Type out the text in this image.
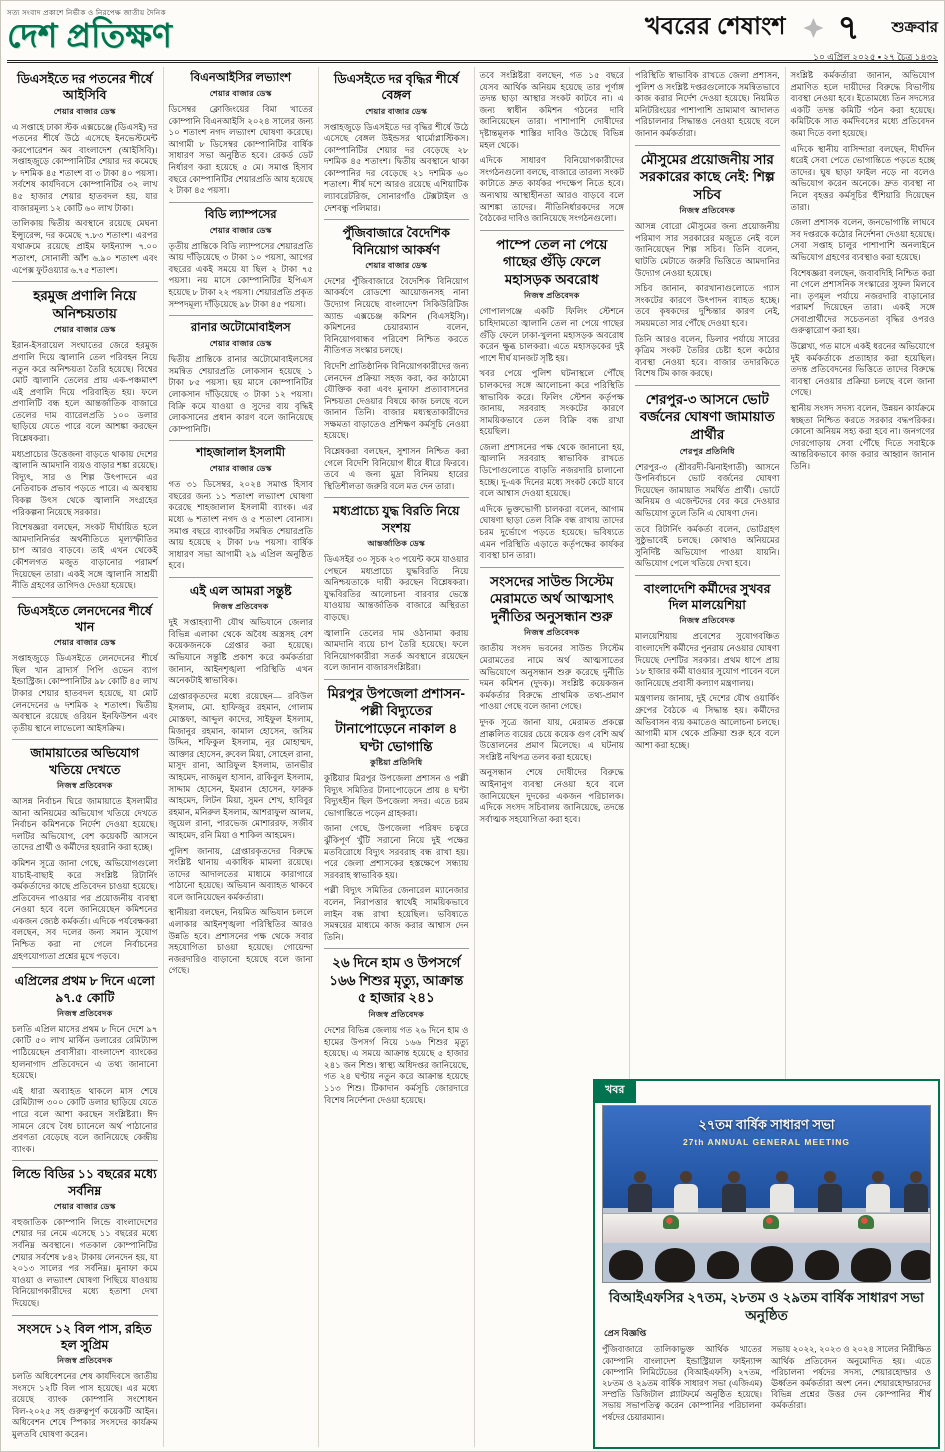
সত্য সংবাদ প্রকাশে নির্ভীক ও নিরপেক্ষ জাতীয় দৈনিক
দেশ প্রতিক্ষণ	খবরের শেষাংশ ৭ শুক্রবার
১০ এপ্রিল ২০২৫ ▪ ২৭ চৈত্র ১৪৩২
ডিএসইতে দর পতনের শীর্ষে আইসিবি
শেয়ার বাজার ডেস্ক

এ সপ্তাহে ঢাকা স্টক এক্সচেঞ্জে (ডিএসই) দর পতনের শীর্ষে উঠে এসেছে ইনভেস্টমেন্ট করপোরেশন অব বাংলাদেশ (আইসিবি)। সপ্তাহজুড়ে কোম্পানিটির শেয়ার দর কমেছে ৮ দশমিক ৪৫ শতাংশ বা ৩ টাকা ৪০ পয়সা। সর্বশেষ কার্যদিবসে কোম্পানিটির ৩২ লাখ ৪৫ হাজার শেয়ার হাতবদল হয়, যার বাজারমূল্য ১২ কোটি ৬০ লাখ টাকা।

তালিকায় দ্বিতীয় অবস্থানে রয়েছে মেঘনা ইন্স্যুরেন্স, দর কমেছে ৭.৮৩ শতাংশ। এরপর যথাক্রমে রয়েছে প্রাইম ফাইন্যান্স ৭.০০ শতাংশ, সোনালী আঁশ ৬.৯০ শতাংশ এবং এপেক্স ফুটওয়্যার ৬.৭৫ শতাংশ।

হরমুজ প্রণালি নিয়ে অনিশ্চয়তায়
শেয়ার বাজার ডেস্ক

ইরান-ইসরায়েল সংঘাতের জেরে হরমুজ প্রণালি দিয়ে জ্বালানি তেল পরিবহন নিয়ে নতুন করে অনিশ্চয়তা তৈরি হয়েছে। বিশ্বের মোট জ্বালানি তেলের প্রায় এক-পঞ্চমাংশ এই প্রণালি দিয়ে পরিবাহিত হয়। ফলে প্রণালিটি বন্ধ হলে আন্তর্জাতিক বাজারে তেলের দাম ব্যারেলপ্রতি ১০০ ডলার ছাড়িয়ে যেতে পারে বলে আশঙ্কা করছেন বিশ্লেষকরা।

মধ্যপ্রাচ্যের উত্তেজনা বাড়তে থাকায় দেশের জ্বালানি আমদানি ব্যয়ও বাড়ার শঙ্কা রয়েছে। বিদ্যুৎ, সার ও শিল্প উৎপাদনে এর নেতিবাচক প্রভাব পড়তে পারে। এ অবস্থায় বিকল্প উৎস থেকে জ্বালানি সংগ্রহের পরিকল্পনা নিয়েছে সরকার।

বিশেষজ্ঞরা বলছেন, সংকট দীর্ঘায়িত হলে আমদানিনির্ভর অর্থনীতিতে মূল্যস্ফীতির চাপ আরও বাড়বে। তাই এখন থেকেই কৌশলগত মজুত বাড়ানোর পরামর্শ দিয়েছেন তারা। একই সঙ্গে জ্বালানি সাশ্রয়ী নীতি গ্রহণের তাগিদও দেওয়া হয়েছে।

ডিএসইতে লেনদেনের শীর্ষে খান
শেয়ার বাজার ডেস্ক

সপ্তাহজুড়ে ডিএসইতে লেনদেনের শীর্ষে ছিল খান ব্রাদার্স পিপি ওভেন ব্যাগ ইন্ডাস্ট্রিজ। কোম্পানিটির ৯৮ কোটি ৪৫ লাখ টাকার শেয়ার হাতবদল হয়েছে, যা মোট লেনদেনের ৬ দশমিক ২ শতাংশ। দ্বিতীয় অবস্থানে রয়েছে ওরিয়ন ইনফিউশন এবং তৃতীয় স্থানে লাভেলো আইসক্রিম।

জামায়াতের অভিযোগ খতিয়ে দেখতে
নিজস্ব প্রতিবেদক

আসন্ন নির্বাচন ঘিরে জামায়াতে ইসলামীর আনা অনিয়মের অভিযোগ খতিয়ে দেখতে নির্বাচন কমিশনকে নির্দেশ দেওয়া হয়েছে। দলটির অভিযোগ, বেশ কয়েকটি আসনে তাদের প্রার্থী ও কর্মীদের হয়রানি করা হচ্ছে।

কমিশন সূত্রে জানা গেছে, অভিযোগগুলো যাচাই-বাছাই করে সংশ্লিষ্ট রিটার্নিং কর্মকর্তাদের কাছে প্রতিবেদন চাওয়া হয়েছে। প্রতিবেদন পাওয়ার পর প্রয়োজনীয় ব্যবস্থা নেওয়া হবে বলে জানিয়েছেন কমিশনের একজন জ্যেষ্ঠ কর্মকর্তা। এদিকে পর্যবেক্ষকরা বলছেন, সব দলের জন্য সমান সুযোগ নিশ্চিত করা না গেলে নির্বাচনের গ্রহণযোগ্যতা প্রশ্নের মুখে পড়বে।

এপ্রিলের প্রথম ৮ দিনে এলো ৯৭.৫ কোটি
নিজস্ব প্রতিবেদক

চলতি এপ্রিল মাসের প্রথম ৮ দিনে দেশে ৯৭ কোটি ৫০ লাখ মার্কিন ডলারের রেমিট্যান্স পাঠিয়েছেন প্রবাসীরা। বাংলাদেশ ব্যাংকের হালনাগাদ প্রতিবেদনে এ তথ্য জানানো হয়েছে।

এই ধারা অব্যাহত থাকলে মাস শেষে রেমিট্যান্স ৩০০ কোটি ডলার ছাড়িয়ে যেতে পারে বলে আশা করছেন সংশ্লিষ্টরা। ঈদ সামনে রেখে বৈধ চ্যানেলে অর্থ পাঠানোর প্রবণতা বেড়েছে বলে জানিয়েছে কেন্দ্রীয় ব্যাংক।

লিন্ডে বিডির ১১ বছরের মধ্যে সর্বনিম্ন
শেয়ার বাজার ডেস্ক

বহুজাতিক কোম্পানি লিন্ডে বাংলাদেশের শেয়ার দর নেমে এসেছে ১১ বছরের মধ্যে সর্বনিম্ন অবস্থানে। গতকাল কোম্পানিটির শেয়ার সর্বশেষ ৮৪২ টাকায় লেনদেন হয়, যা ২০১৩ সালের পর সর্বনিম্ন। মুনাফা কমে যাওয়া ও লভ্যাংশ ঘোষণা পিছিয়ে যাওয়ায় বিনিয়োগকারীদের মধ্যে হতাশা দেখা দিয়েছে।

সংসদে ১২ বিল পাস, রহিত হল সুপ্রিম
নিজস্ব প্রতিবেদক

চলতি অধিবেশনের শেষ কার্যদিবসে জাতীয় সংসদে ১২টি বিল পাস হয়েছে। এর মধ্যে রয়েছে ব্যাংক কোম্পানি সংশোধন বিল-২০২৫ সহ গুরুত্বপূর্ণ কয়েকটি আইন। অধিবেশন শেষে স্পিকার সংসদের কার্যক্রম মুলতবি ঘোষণা করেন।

বিএনআইসির লভ্যাংশ
শেয়ার বাজার ডেস্ক

ডিসেম্বর ক্লোজিংয়ের বিমা খাতের কোম্পানি বিএনআইসি ২০২৪ সালের জন্য ১০ শতাংশ নগদ লভ্যাংশ ঘোষণা করেছে। আগামী ৮ ডিসেম্বর কোম্পানিটির বার্ষিক সাধারণ সভা অনুষ্ঠিত হবে। রেকর্ড ডেট নির্ধারণ করা হয়েছে ৫ মে। সমাপ্ত হিসাব বছরে কোম্পানিটির শেয়ারপ্রতি আয় হয়েছে ২ টাকা ৪৫ পয়সা।

বিডি ল্যাম্পসের
শেয়ার বাজার ডেস্ক

তৃতীয় প্রান্তিকে বিডি ল্যাম্পসের শেয়ারপ্রতি আয় দাঁড়িয়েছে ৩ টাকা ১০ পয়সা, আগের বছরের একই সময়ে যা ছিল ২ টাকা ৭৫ পয়সা। নয় মাসে কোম্পানিটির ইপিএস হয়েছে ৮ টাকা ২২ পয়সা। শেয়ারপ্রতি প্রকৃত সম্পদমূল্য দাঁড়িয়েছে ৯৮ টাকা ৪৫ পয়সা।

রানার অটোমোবাইলস
শেয়ার বাজার ডেস্ক

দ্বিতীয় প্রান্তিকে রানার অটোমোবাইলসের সমন্বিত শেয়ারপ্রতি লোকসান হয়েছে ১ টাকা ৮৫ পয়সা। ছয় মাসে কোম্পানিটির লোকসান দাঁড়িয়েছে ৩ টাকা ১২ পয়সা। বিক্রি কমে যাওয়া ও সুদের ব্যয় বৃদ্ধিই লোকসানের প্রধান কারণ বলে জানিয়েছে কোম্পানিটি।

শাহজালাল ইসলামী
শেয়ার বাজার ডেস্ক

গত ৩১ ডিসেম্বর, ২০২৪ সমাপ্ত হিসাব বছরের জন্য ১১ শতাংশ লভ্যাংশ ঘোষণা করেছে শাহজালাল ইসলামী ব্যাংক। এর মধ্যে ৬ শতাংশ নগদ ও ৫ শতাংশ বোনাস। সমাপ্ত বছরে ব্যাংকটির সমন্বিত শেয়ারপ্রতি আয় হয়েছে ২ টাকা ৮৬ পয়সা। বার্ষিক সাধারণ সভা আগামী ২৯ এপ্রিল অনুষ্ঠিত হবে।

এই এল আমরা সন্তুষ্ট
নিজস্ব প্রতিবেদক

দুই সপ্তাহব্যাপী যৌথ অভিযানে জেলার বিভিন্ন এলাকা থেকে অবৈধ অস্ত্রসহ বেশ কয়েকজনকে গ্রেপ্তার করা হয়েছে। অভিযানে সন্তুষ্টি প্রকাশ করে কর্মকর্তারা জানান, আইনশৃঙ্খলা পরিস্থিতি এখন অনেকটাই স্বাভাবিক।

গ্রেপ্তারকৃতদের মধ্যে রয়েছেন— রবিউল ইসলাম, মো. হাফিজুর রহমান, গোলাম মোস্তফা, আব্দুল কাদের, সাইফুল ইসলাম, মিজানুর রহমান, কামাল হোসেন, জসিম উদ্দিন, শফিকুল ইসলাম, নূর মোহাম্মদ, আক্তার হোসেন, রুবেল মিয়া, সোহেল রানা, মাসুদ রানা, আরিফুল ইসলাম, তানভীর আহমেদ, নাজমুল হাসান, রাকিবুল ইসলাম, সাদ্দাম হোসেন, ইমরান হোসেন, ফারুক আহমেদ, লিটন মিয়া, সুমন শেখ, হাবিবুর রহমান, মনিরুল ইসলাম, আশরাফুল আলম, জুয়েল রানা, পারভেজ মোশাররফ, সজীব আহমেদ, রনি মিয়া ও শাকিল আহমেদ।

পুলিশ জানায়, গ্রেপ্তারকৃতদের বিরুদ্ধে সংশ্লিষ্ট থানায় একাধিক মামলা রয়েছে। তাদের আদালতের মাধ্যমে কারাগারে পাঠানো হয়েছে। অভিযান অব্যাহত থাকবে বলে জানিয়েছেন কর্মকর্তারা।

স্থানীয়রা বলছেন, নিয়মিত অভিযান চললে এলাকার আইনশৃঙ্খলা পরিস্থিতির আরও উন্নতি হবে। প্রশাসনের পক্ষ থেকে সবার সহযোগিতা চাওয়া হয়েছে। গোয়েন্দা নজরদারিও বাড়ানো হয়েছে বলে জানা গেছে।

ডিএসইতে দর বৃদ্ধির শীর্ষে বেঙ্গল
শেয়ার বাজার ডেস্ক

সপ্তাহজুড়ে ডিএসইতে দর বৃদ্ধির শীর্ষে উঠে এসেছে বেঙ্গল উইন্ডসর থার্মোপ্লাস্টিকস। কোম্পানিটির শেয়ার দর বেড়েছে ২৮ দশমিক ৪৫ শতাংশ। দ্বিতীয় অবস্থানে থাকা কোম্পানির দর বেড়েছে ২১ দশমিক ৬০ শতাংশ। শীর্ষ দশে আরও রয়েছে এশিয়াটিক ল্যাবরেটরিজ, সোনারগাঁও টেক্সটাইল ও দেশবন্ধু পলিমার।

পুঁজিবাজারে বৈদেশিক বিনিয়োগ আকর্ষণ
শেয়ার বাজার ডেস্ক

দেশের পুঁজিবাজারে বৈদেশিক বিনিয়োগ আকর্ষণে রোডশো আয়োজনসহ নানা উদ্যোগ নিয়েছে বাংলাদেশ সিকিউরিটিজ অ্যান্ড এক্সচেঞ্জ কমিশন (বিএসইসি)। কমিশনের চেয়ারম্যান বলেন, বিনিয়োগবান্ধব পরিবেশ নিশ্চিত করতে নীতিগত সংস্কার চলছে।

বিদেশি প্রাতিষ্ঠানিক বিনিয়োগকারীদের জন্য লেনদেন প্রক্রিয়া সহজ করা, কর কাঠামো যৌক্তিক করা এবং মুনাফা প্রত্যাবাসনের নিশ্চয়তা দেওয়ার বিষয়ে কাজ চলছে বলে জানান তিনি। বাজার মধ্যস্থতাকারীদের সক্ষমতা বাড়াতেও প্রশিক্ষণ কর্মসূচি নেওয়া হয়েছে।

বিশ্লেষকরা বলছেন, সুশাসন নিশ্চিত করা গেলে বিদেশি বিনিয়োগ ধীরে ধীরে ফিরবে। তবে এ জন্য মুদ্রা বিনিময় হারের স্থিতিশীলতা জরুরি বলে মত দেন তারা।

মধ্যপ্রাচ্যে যুদ্ধ বিরতি নিয়ে সংশয়
আন্তর্জাতিক ডেস্ক

ডিএসইর ৩০ সূচক ২৩ পয়েন্ট কমে যাওয়ার পেছনে মধ্যপ্রাচ্যে যুদ্ধবিরতি নিয়ে অনিশ্চয়তাকে দায়ী করছেন বিশ্লেষকরা। যুদ্ধবিরতির আলোচনা বারবার ভেস্তে যাওয়ায় আন্তর্জাতিক বাজারে অস্থিরতা বাড়ছে।

জ্বালানি তেলের দাম ওঠানামা করায় আমদানি ব্যয়ে চাপ তৈরি হয়েছে। ফলে বিনিয়োগকারীরা সতর্ক অবস্থানে রয়েছেন বলে জানান বাজারসংশ্লিষ্টরা।

মিরপুর উপজেলা প্রশাসন-পল্লী বিদ্যুতের টানাপোড়েনে নাকাল ৪ ঘণ্টা ভোগান্তি
কুষ্টিয়া প্রতিনিধি

কুষ্টিয়ার মিরপুর উপজেলা প্রশাসন ও পল্লী বিদ্যুৎ সমিতির টানাপোড়েনে প্রায় ৪ ঘণ্টা বিদ্যুৎহীন ছিল উপজেলা সদর। এতে চরম ভোগান্তিতে পড়েন গ্রাহকরা।

জানা গেছে, উপজেলা পরিষদ চত্বরে ঝুঁকিপূর্ণ খুঁটি সরানো নিয়ে দুই পক্ষের মতবিরোধে বিদ্যুৎ সরবরাহ বন্ধ রাখা হয়। পরে জেলা প্রশাসকের হস্তক্ষেপে সন্ধ্যায় সরবরাহ স্বাভাবিক হয়।

পল্লী বিদ্যুৎ সমিতির জেনারেল ম্যানেজার বলেন, নিরাপত্তার স্বার্থেই সাময়িকভাবে লাইন বন্ধ রাখা হয়েছিল। ভবিষ্যতে সমন্বয়ের মাধ্যমে কাজ করার আশ্বাস দেন তিনি।

২৬ দিনে হাম ও উপসর্গে ১৬৬ শিশুর মৃত্যু, আক্রান্ত ৫ হাজার ২৪১
নিজস্ব প্রতিবেদক

দেশের বিভিন্ন জেলায় গত ২৬ দিনে হাম ও হামের উপসর্গ নিয়ে ১৬৬ শিশুর মৃত্যু হয়েছে। এ সময়ে আক্রান্ত হয়েছে ৫ হাজার ২৪১ জন শিশু। স্বাস্থ্য অধিদপ্তর জানিয়েছে, গত ২৪ ঘণ্টায় নতুন করে আক্রান্ত হয়েছে ১১৩ শিশু। টিকাদান কর্মসূচি জোরদারে বিশেষ নির্দেশনা দেওয়া হয়েছে।

তবে সংশ্লিষ্টরা বলছেন, গত ১৫ বছরে যেসব আর্থিক অনিয়ম হয়েছে তার পূর্ণাঙ্গ তদন্ত ছাড়া আস্থার সংকট কাটবে না। এ জন্য স্বাধীন কমিশন গঠনের দাবি জানিয়েছেন তারা। পাশাপাশি দোষীদের দৃষ্টান্তমূলক শাস্তির দাবিও উঠেছে বিভিন্ন মহল থেকে।

এদিকে সাধারণ বিনিয়োগকারীদের সংগঠনগুলো বলছে, বাজারে তারল্য সংকট কাটাতে দ্রুত কার্যকর পদক্ষেপ নিতে হবে। অন্যথায় আস্থাহীনতা আরও বাড়বে বলে আশঙ্কা তাদের। নীতিনির্ধারকদের সঙ্গে বৈঠকের দাবিও জানিয়েছে সংগঠনগুলো।

পাম্পে তেল না পেয়ে গাছের গুঁড়ি ফেলে মহাসড়ক অবরোধ
নিজস্ব প্রতিবেদক

গোপালগঞ্জে একটি ফিলিং স্টেশনে চাহিদামতো জ্বালানি তেল না পেয়ে গাছের গুঁড়ি ফেলে ঢাকা-খুলনা মহাসড়ক অবরোধ করেন ক্ষুব্ধ চালকরা। এতে মহাসড়কের দুই পাশে দীর্ঘ যানজট সৃষ্টি হয়।

খবর পেয়ে পুলিশ ঘটনাস্থলে পৌঁছে চালকদের সঙ্গে আলোচনা করে পরিস্থিতি স্বাভাবিক করে। ফিলিং স্টেশন কর্তৃপক্ষ জানায়, সরবরাহ সংকটের কারণে সাময়িকভাবে তেল বিক্রি বন্ধ রাখা হয়েছিল।

জেলা প্রশাসনের পক্ষ থেকে জানানো হয়, জ্বালানি সরবরাহ স্বাভাবিক রাখতে ডিপোগুলোতে বাড়তি নজরদারি চালানো হচ্ছে। দু-এক দিনের মধ্যে সংকট কেটে যাবে বলে আশ্বাস দেওয়া হয়েছে।

এদিকে ভুক্তভোগী চালকরা বলেন, আগাম ঘোষণা ছাড়া তেল বিক্রি বন্ধ রাখায় তাদের চরম দুর্ভোগে পড়তে হয়েছে। ভবিষ্যতে এমন পরিস্থিতি এড়াতে কর্তৃপক্ষের কার্যকর ব্যবস্থা চান তারা।

সংসদের সাউন্ড সিস্টেম মেরামতে অর্থ আত্মসাৎ দুর্নীতির অনুসন্ধান শুরু
নিজস্ব প্রতিবেদক

জাতীয় সংসদ ভবনের সাউন্ড সিস্টেম মেরামতের নামে অর্থ আত্মসাতের অভিযোগে অনুসন্ধান শুরু করেছে দুর্নীতি দমন কমিশন (দুদক)। সংশ্লিষ্ট কয়েকজন কর্মকর্তার বিরুদ্ধে প্রাথমিক তথ্য-প্রমাণ পাওয়া গেছে বলে জানা গেছে।

দুদক সূত্রে জানা যায়, মেরামত প্রকল্পে প্রাক্কলিত ব্যয়ের চেয়ে কয়েক গুণ বেশি অর্থ উত্তোলনের প্রমাণ মিলেছে। এ ঘটনায় সংশ্লিষ্ট নথিপত্র তলব করা হয়েছে।

অনুসন্ধান শেষে দোষীদের বিরুদ্ধে আইনানুগ ব্যবস্থা নেওয়া হবে বলে জানিয়েছেন দুদকের একজন পরিচালক। এদিকে সংসদ সচিবালয় জানিয়েছে, তদন্তে সর্বাত্মক সহযোগিতা করা হবে।

পরিস্থিতি স্বাভাবিক রাখতে জেলা প্রশাসন, পুলিশ ও সংশ্লিষ্ট দপ্তরগুলোকে সমন্বিতভাবে কাজ করার নির্দেশ দেওয়া হয়েছে। নিয়মিত মনিটরিংয়ের পাশাপাশি ভ্রাম্যমাণ আদালত পরিচালনার সিদ্ধান্তও নেওয়া হয়েছে বলে জানান কর্মকর্তারা।

মৌসুমের প্রয়োজনীয় সার সরকারের কাছে নেই: শিল্প সচিব
নিজস্ব প্রতিবেদক

আসন্ন বোরো মৌসুমের জন্য প্রয়োজনীয় পরিমাণ সার সরকারের মজুতে নেই বলে জানিয়েছেন শিল্প সচিব। তিনি বলেন, ঘাটতি মেটাতে জরুরি ভিত্তিতে আমদানির উদ্যোগ নেওয়া হয়েছে।

সচিব জানান, কারখানাগুলোতে গ্যাস সংকটের কারণে উৎপাদন ব্যাহত হচ্ছে। তবে কৃষকদের দুশ্চিন্তার কারণ নেই, সময়মতো সার পৌঁছে দেওয়া হবে।

তিনি আরও বলেন, ডিলার পর্যায়ে সারের কৃত্রিম সংকট তৈরির চেষ্টা হলে কঠোর ব্যবস্থা নেওয়া হবে। বাজার তদারকিতে বিশেষ টিম কাজ করছে।

শেরপুর-৩ আসনে ভোট বর্জনের ঘোষণা জামায়াত প্রার্থীর
শেরপুর প্রতিনিধি

শেরপুর-৩ (শ্রীবরদী-ঝিনাইগাতী) আসনে উপনির্বাচনে ভোট বর্জনের ঘোষণা দিয়েছেন জামায়াত সমর্থিত প্রার্থী। ভোটে অনিয়ম ও এজেন্টদের বের করে দেওয়ার অভিযোগ তুলে তিনি এ ঘোষণা দেন।

তবে রিটার্নিং কর্মকর্তা বলেন, ভোটগ্রহণ সুষ্ঠুভাবেই চলছে। কোথাও অনিয়মের সুনির্দিষ্ট অভিযোগ পাওয়া যায়নি। অভিযোগ পেলে খতিয়ে দেখা হবে।

বাংলাদেশি কর্মীদের সুখবর দিল মালয়েশিয়া
নিজস্ব প্রতিবেদক

মালয়েশিয়ায় প্রবেশের সুযোগবঞ্চিত বাংলাদেশি কর্মীদের পুনরায় নেওয়ার ঘোষণা দিয়েছে দেশটির সরকার। প্রথম ধাপে প্রায় ১৮ হাজার কর্মী যাওয়ার সুযোগ পাবেন বলে জানিয়েছে প্রবাসী কল্যাণ মন্ত্রণালয়।

মন্ত্রণালয় জানায়, দুই দেশের যৌথ ওয়ার্কিং গ্রুপের বৈঠকে এ সিদ্ধান্ত হয়। কর্মীদের অভিবাসন ব্যয় কমাতেও আলোচনা চলছে। আগামী মাস থেকে প্রক্রিয়া শুরু হবে বলে আশা করা হচ্ছে।

সংশ্লিষ্ট কর্মকর্তারা জানান, অভিযোগ প্রমাণিত হলে দায়ীদের বিরুদ্ধে বিভাগীয় ব্যবস্থা নেওয়া হবে। ইতোমধ্যে তিন সদস্যের একটি তদন্ত কমিটি গঠন করা হয়েছে। কমিটিকে সাত কর্মদিবসের মধ্যে প্রতিবেদন জমা দিতে বলা হয়েছে।

এদিকে স্থানীয় বাসিন্দারা বলছেন, দীর্ঘদিন ধরেই সেবা পেতে ভোগান্তিতে পড়তে হচ্ছে তাদের। ঘুষ ছাড়া ফাইল নড়ে না বলেও অভিযোগ করেন অনেকে। দ্রুত ব্যবস্থা না নিলে বৃহত্তর কর্মসূচির হুঁশিয়ারি দিয়েছেন তারা।

জেলা প্রশাসক বলেন, জনভোগান্তি লাঘবে সব দপ্তরকে কঠোর নির্দেশনা দেওয়া হয়েছে। সেবা সপ্তাহ চালুর পাশাপাশি অনলাইনে অভিযোগ গ্রহণের ব্যবস্থাও করা হয়েছে।

বিশেষজ্ঞরা বলছেন, জবাবদিহি নিশ্চিত করা না গেলে প্রশাসনিক সংস্কারের সুফল মিলবে না। তৃণমূল পর্যায়ে নজরদারি বাড়ানোর পরামর্শ দিয়েছেন তারা। একই সঙ্গে সেবাপ্রার্থীদের সচেতনতা বৃদ্ধির ওপরও গুরুত্বারোপ করা হয়।

উল্লেখ্য, গত মাসে একই ধরনের অভিযোগে দুই কর্মকর্তাকে প্রত্যাহার করা হয়েছিল। তদন্ত প্রতিবেদনের ভিত্তিতে তাদের বিরুদ্ধে ব্যবস্থা নেওয়ার প্রক্রিয়া চলছে বলে জানা গেছে।

স্থানীয় সংসদ সদস্য বলেন, উন্নয়ন কার্যক্রমে স্বচ্ছতা নিশ্চিত করতে সরকার বদ্ধপরিকর। কোনো অনিয়ম সহ্য করা হবে না। জনগণের দোরগোড়ায় সেবা পৌঁছে দিতে সবাইকে আন্তরিকভাবে কাজ করার আহ্বান জানান তিনি।

খবর
২৭তম বার্ষিক সাধারণ সভা
27th ANNUAL GENERAL MEETING
বিআইএফসির ২৭তম, ২৮তম ও ২৯তম বার্ষিক সাধারণ সভা অনুষ্ঠিত
প্রেস বিজ্ঞপ্তি

পুঁজিবাজারে তালিকাভুক্ত আর্থিক খাতের কোম্পানি বাংলাদেশ ইন্ডাস্ট্রিয়াল ফাইন্যান্স কোম্পানি লিমিটেডের (বিআইএফসি) ২৭তম, ২৮তম ও ২৯তম বার্ষিক সাধারণ সভা (এজিএম) সম্প্রতি ডিজিটাল প্ল্যাটফর্মে অনুষ্ঠিত হয়েছে। সভায় সভাপতিত্ব করেন কোম্পানির পরিচালনা পর্ষদের চেয়ারম্যান।

সভায় ২০২২, ২০২৩ ও ২০২৪ সালের নিরীক্ষিত আর্থিক প্রতিবেদন অনুমোদিত হয়। এতে পরিচালনা পর্ষদের সদস্য, শেয়ারহোল্ডার ও ঊর্ধ্বতন কর্মকর্তারা অংশ নেন। শেয়ারহোল্ডারদের বিভিন্ন প্রশ্নের উত্তর দেন কোম্পানির শীর্ষ কর্মকর্তারা।
